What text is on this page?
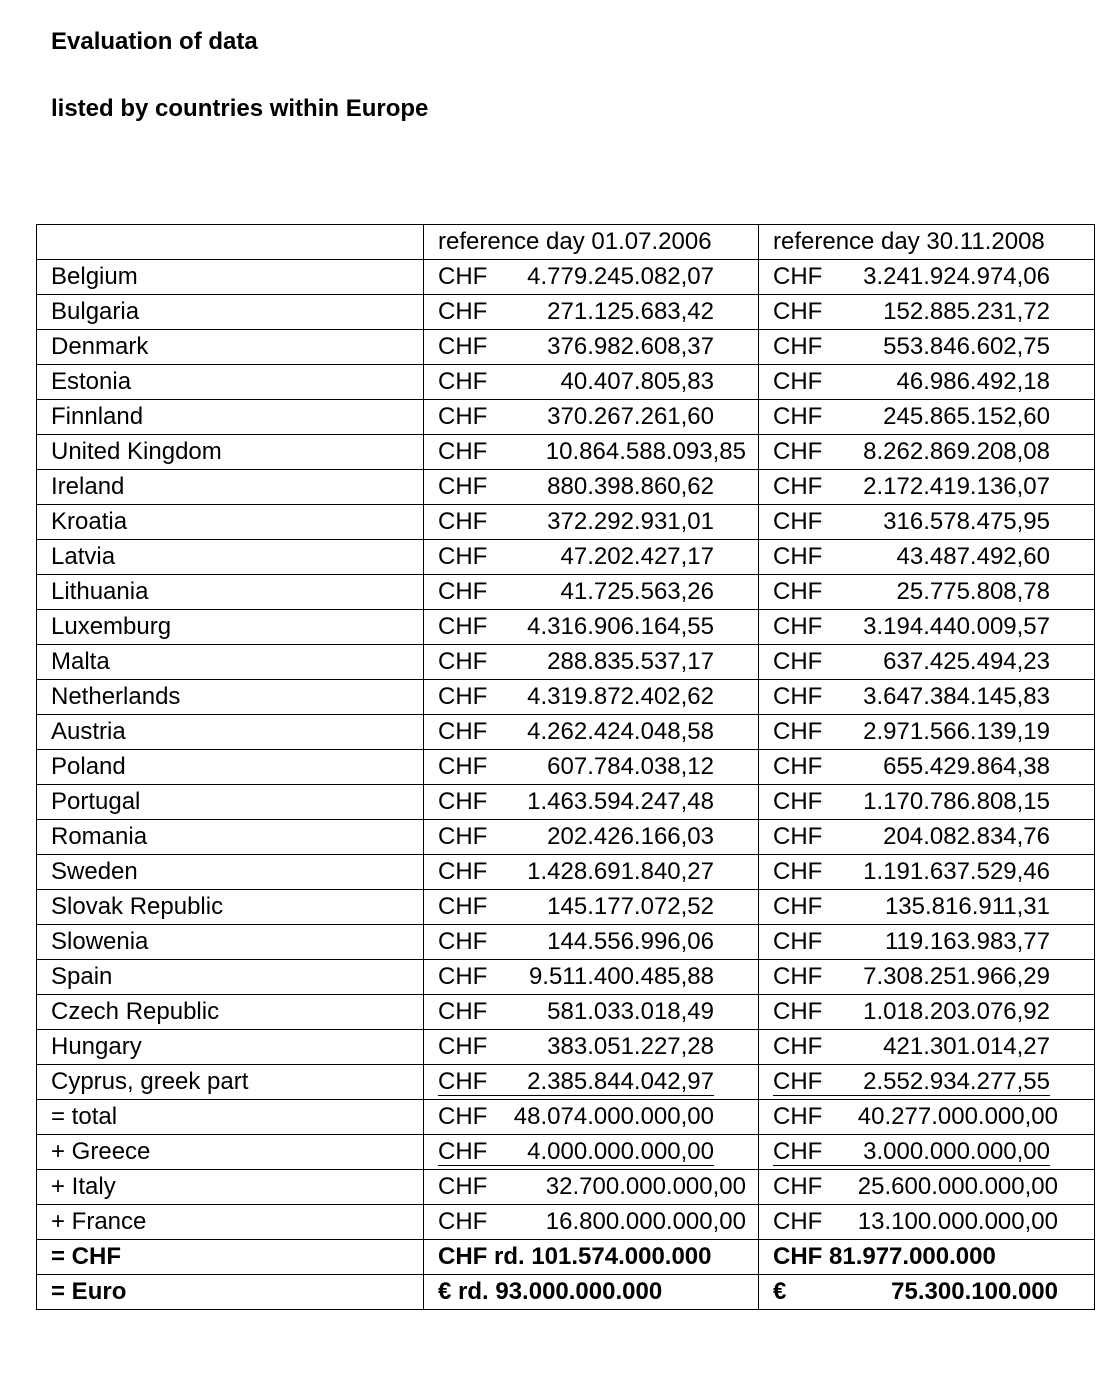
Evaluation of data
listed by countries within Europe
	reference day 01.07.2006	reference day 30.11.2008
Belgium	CHF 4.779.245.082,07	CHF 3.241.924.974,06

Bulgaria	CHF 271.125.683,42	CHF 152.885.231,72

Denmark	CHF 376.982.608,37	CHF 553.846.602,75

Estonia	CHF 40.407.805,83	CHF 46.986.492,18

Finnland	CHF 370.267.261,60	CHF 245.865.152,60

United Kingdom	CHF 10.864.588.093,85	CHF 8.262.869.208,08

Ireland	CHF 880.398.860,62	CHF 2.172.419.136,07

Kroatia	CHF 372.292.931,01	CHF 316.578.475,95

Latvia	CHF 47.202.427,17	CHF 43.487.492,60

Lithuania	CHF 41.725.563,26	CHF 25.775.808,78

Luxemburg	CHF 4.316.906.164,55	CHF 3.194.440.009,57

Malta	CHF 288.835.537,17	CHF 637.425.494,23

Netherlands	CHF 4.319.872.402,62	CHF 3.647.384.145,83

Austria	CHF 4.262.424.048,58	CHF 2.971.566.139,19

Poland	CHF 607.784.038,12	CHF 655.429.864,38

Portugal	CHF 1.463.594.247,48	CHF 1.170.786.808,15

Romania	CHF 202.426.166,03	CHF 204.082.834,76

Sweden	CHF 1.428.691.840,27	CHF 1.191.637.529,46

Slovak Republic	CHF 145.177.072,52	CHF 135.816.911,31

Slowenia	CHF 144.556.996,06	CHF 119.163.983,77

Spain	CHF 9.511.400.485,88	CHF 7.308.251.966,29

Czech Republic	CHF 581.033.018,49	CHF 1.018.203.076,92

Hungary	CHF 383.051.227,28	CHF 421.301.014,27

Cyprus, greek part	CHF 2.385.844.042,97	CHF 2.552.934.277,55

= total	CHF 48.074.000.000,00	CHF 40.277.000.000,00

+ Greece	CHF 4.000.000.000,00	CHF 3.000.000.000,00

+ Italy	CHF 32.700.000.000,00	CHF 25.600.000.000,00

+ France	CHF 16.800.000.000,00	CHF 13.100.000.000,00

= CHF	CHF rd. 101.574.000.000	CHF 81.977.000.000

= Euro	€ rd. 93.000.000.000	€ 75.300.100.000
